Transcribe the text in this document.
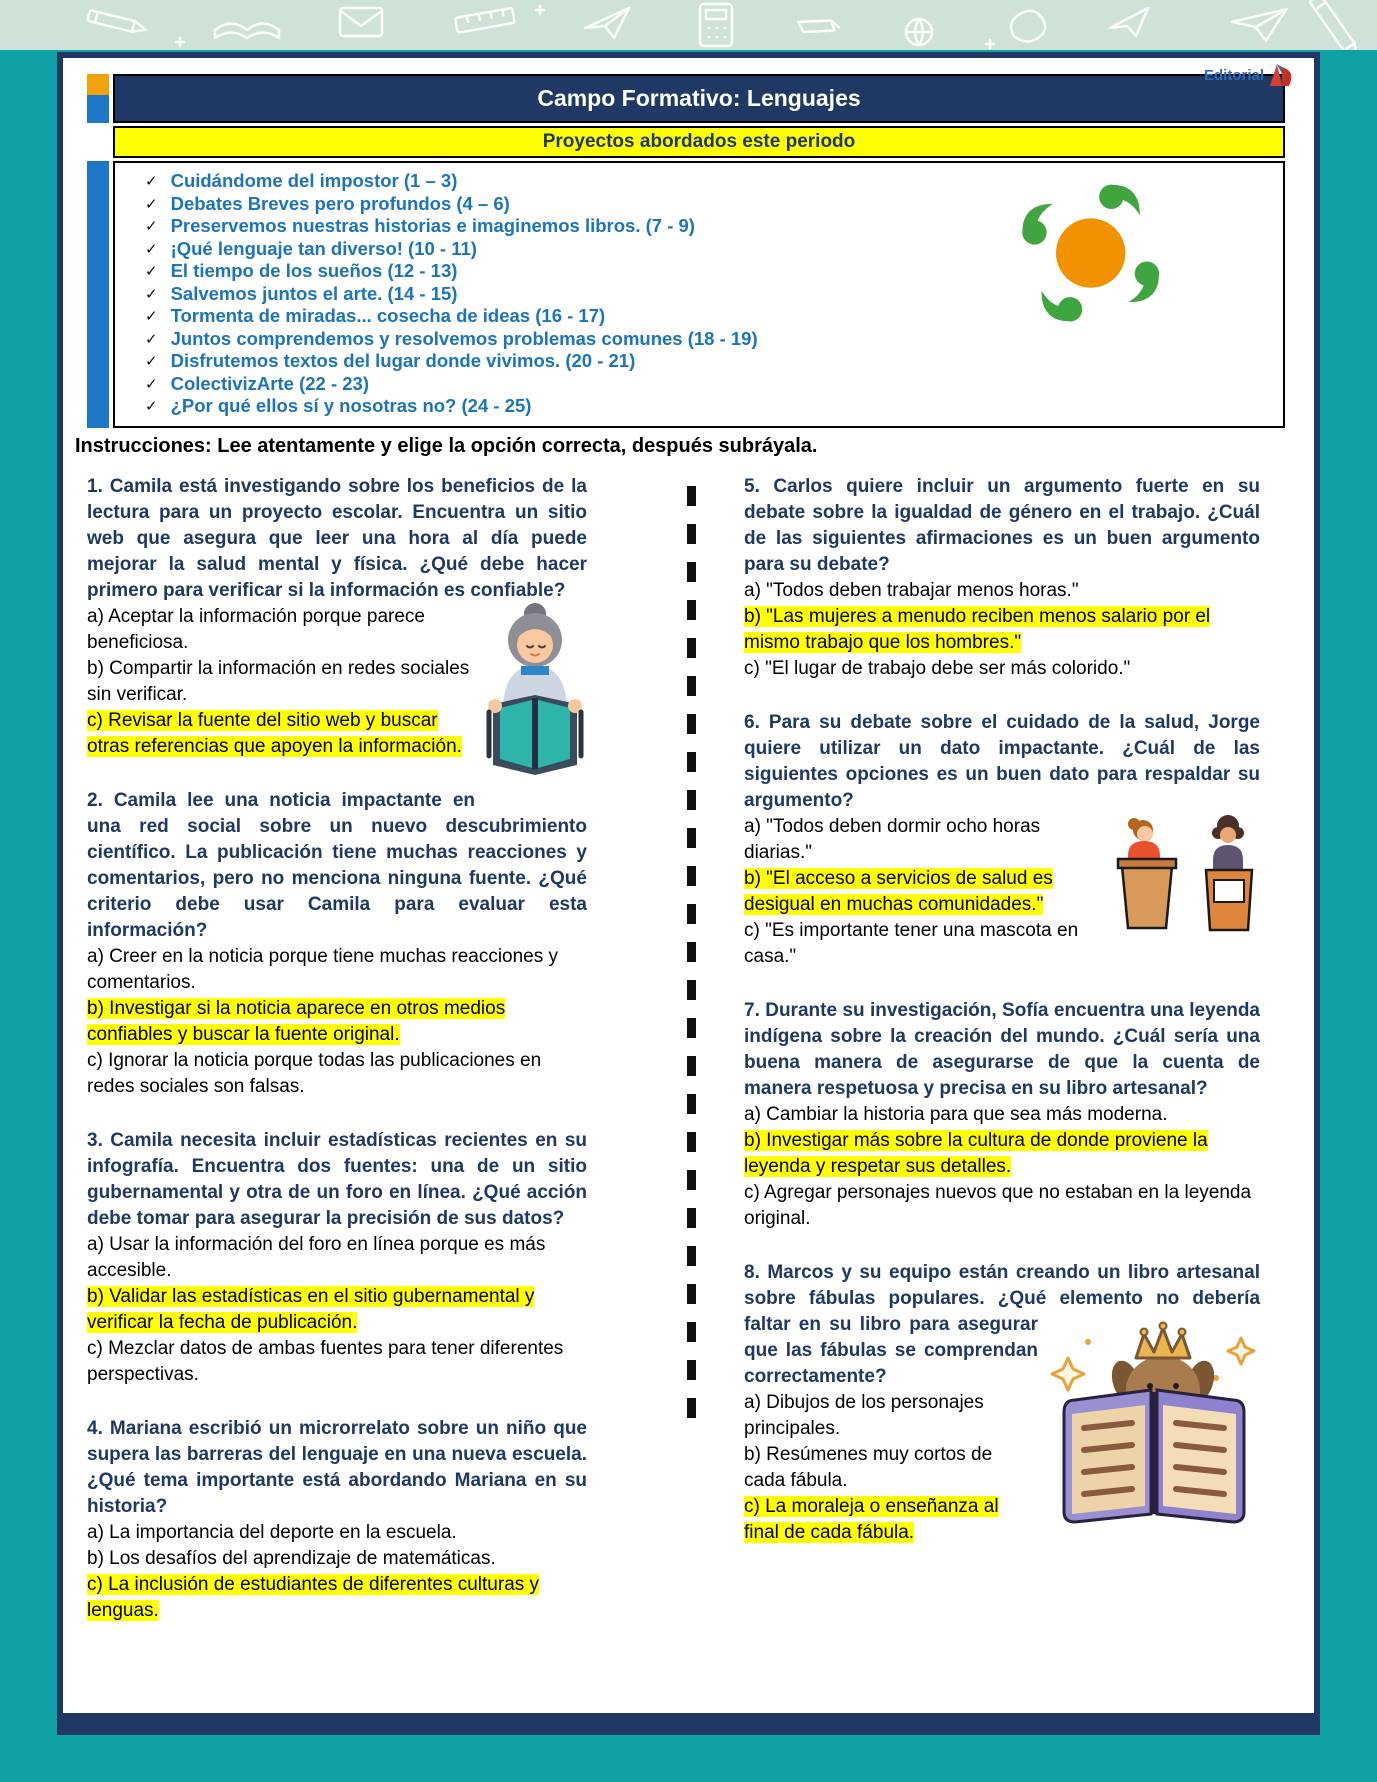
Editorial
Campo Formativo: Lenguajes
Proyectos abordados este periodo
✓ Cuidándome del impostor (1 – 3)
✓ Debates Breves pero profundos (4 – 6)
✓ Preservemos nuestras historias e imaginemos libros. (7 - 9)
✓ ¡Qué lenguaje tan diverso! (10 - 11)
✓ El tiempo de los sueños (12 - 13)
✓ Salvemos juntos el arte. (14 - 15)
✓ Tormenta de miradas... cosecha de ideas (16 - 17)
✓ Juntos comprendemos y resolvemos problemas comunes (18 - 19)
✓ Disfrutemos textos del lugar donde vivimos. (20 - 21)
✓ ColectivizArte (22 - 23)
✓ ¿Por qué ellos sí y nosotras no? (24 - 25)

Instrucciones: Lee atentamente y elige la opción correcta, después subráyala.

1. Camila está investigando sobre los beneficios de la lectura para un proyecto escolar. Encuentra un sitio web que asegura que leer una hora al día puede mejorar la salud mental y física. ¿Qué debe hacer primero para verificar si la información es confiable?

a) Aceptar la información porque parece beneficiosa.

b) Compartir la información en redes sociales sin verificar.

c) Revisar la fuente del sitio web y buscar otras referencias que apoyen la información.

2. Camila lee una noticia impactante en una red social sobre un nuevo descubrimiento científico. La publicación tiene muchas reacciones y comentarios, pero no menciona ninguna fuente. ¿Qué criterio debe usar Camila para evaluar esta información?

a) Creer en la noticia porque tiene muchas reacciones y comentarios.

b) Investigar si la noticia aparece en otros medios confiables y buscar la fuente original.

c) Ignorar la noticia porque todas las publicaciones en redes sociales son falsas.

3. Camila necesita incluir estadísticas recientes en su infografía. Encuentra dos fuentes: una de un sitio gubernamental y otra de un foro en línea. ¿Qué acción debe tomar para asegurar la precisión de sus datos?

a) Usar la información del foro en línea porque es más accesible.

b) Validar las estadísticas en el sitio gubernamental y verificar la fecha de publicación.

c) Mezclar datos de ambas fuentes para tener diferentes perspectivas.

4. Mariana escribió un microrrelato sobre un niño que supera las barreras del lenguaje en una nueva escuela. ¿Qué tema importante está abordando Mariana en su historia?

a) La importancia del deporte en la escuela.

b) Los desafíos del aprendizaje de matemáticas.

c) La inclusión de estudiantes de diferentes culturas y lenguas.

5. Carlos quiere incluir un argumento fuerte en su debate sobre la igualdad de género en el trabajo. ¿Cuál de las siguientes afirmaciones es un buen argumento para su debate?

a) "Todos deben trabajar menos horas."

b) "Las mujeres a menudo reciben menos salario por el mismo trabajo que los hombres."

c) "El lugar de trabajo debe ser más colorido."

6. Para su debate sobre el cuidado de la salud, Jorge quiere utilizar un dato impactante. ¿Cuál de las siguientes opciones es un buen dato para respaldar su argumento?

a) "Todos deben dormir ocho horas diarias."

b) "El acceso a servicios de salud es desigual en muchas comunidades."

c) "Es importante tener una mascota en casa."

7. Durante su investigación, Sofía encuentra una leyenda indígena sobre la creación del mundo. ¿Cuál sería una buena manera de asegurarse de que la cuenta de manera respetuosa y precisa en su libro artesanal?

a) Cambiar la historia para que sea más moderna.

b) Investigar más sobre la cultura de donde proviene la leyenda y respetar sus detalles.

c) Agregar personajes nuevos que no estaban en la leyenda original.

8. Marcos y su equipo están creando un libro artesanal sobre fábulas populares. ¿Qué elemento no debería faltar en su libro para asegurar que las fábulas se comprendan correctamente?

a) Dibujos de los personajes principales.

b) Resúmenes muy cortos de cada fábula.

c) La moraleja o enseñanza al final de cada fábula.
